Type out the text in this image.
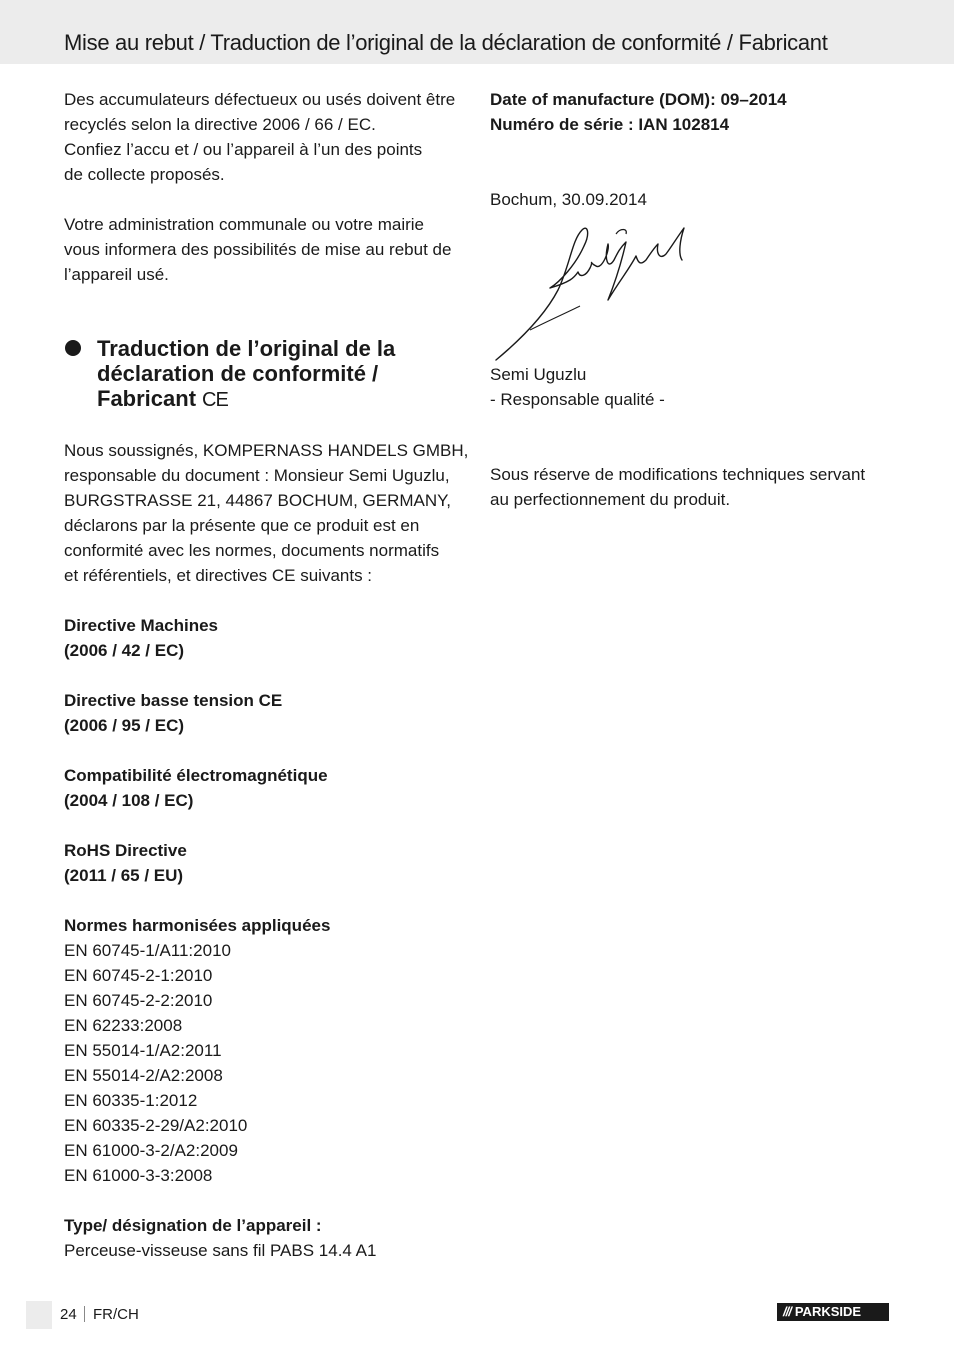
Mise au rebut / Traduction de l’original de la déclaration de conformité / Fabricant

Des accumulateurs défectueux ou usés doivent être
recyclés selon la directive 2006 / 66 / EC.
Confiez l’accu et / ou l’appareil à l’un des points
de collecte proposés.

Votre administration communale ou votre mairie
vous informera des possibilités de mise au rebut de
l’appareil usé.

Traduction de l’original de la
déclaration de conformité /
Fabricant CE

Nous soussignés, KOMPERNASS HANDELS GMBH,
responsable du document : Monsieur Semi Uguzlu,
BURGSTRASSE 21, 44867 BOCHUM, GERMANY,
déclarons par la présente que ce produit est en
conformité avec les normes, documents normatifs
et référentiels, et directives CE suivants :

Directive Machines
(2006 / 42 / EC)

Directive basse tension CE
(2006 / 95 / EC)

Compatibilité électromagnétique
(2004 / 108 / EC)

RoHS Directive
(2011 / 65 / EU)

Normes harmonisées appliquées
EN 60745-1/A11:2010
EN 60745-2-1:2010
EN 60745-2-2:2010
EN 62233:2008
EN 55014-1/A2:2011
EN 55014-2/A2:2008
EN 60335-1:2012
EN 60335-2-29/A2:2010
EN 61000-3-2/A2:2009
EN 61000-3-3:2008

Type/ désignation de l’appareil :
Perceuse-visseuse sans fil PABS 14.4 A1

Date of manufacture (DOM): 09–2014
Numéro de série : IAN 102814

Bochum, 30.09.2014

Semi Uguzlu
- Responsable qualité -

Sous réserve de modifications techniques servant
au perfectionnement du produit.

24 FR/CH	/// PARKSIDE
